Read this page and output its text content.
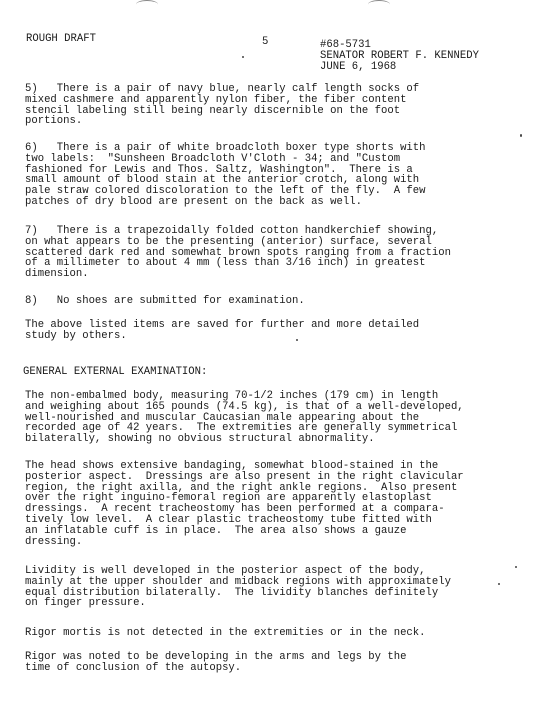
ROUGH DRAFT	5	#68-5731
SENATOR ROBERT F. KENNEDY
JUNE 6, 1968
5)   There is a pair of navy blue, nearly calf length socks of
mixed cashmere and apparently nylon fiber, the fiber content
stencil labeling still being nearly discernible on the foot
portions.
6)   There is a pair of white broadcloth boxer type shorts with
two labels:  "Sunsheen Broadcloth V'Cloth - 34; and "Custom
fashioned for Lewis and Thos. Saltz, Washington".  There is a
small amount of blood stain at the anterior crotch, along with
pale straw colored discoloration to the left of the fly.  A few
patches of dry blood are present on the back as well.
7)   There is a trapezoidally folded cotton handkerchief showing,
on what appears to be the presenting (anterior) surface, several
scattered dark red and somewhat brown spots ranging from a fraction
of a millimeter to about 4 mm (less than 3/16 inch) in greatest
dimension.
8)   No shoes are submitted for examination.
The above listed items are saved for further and more detailed
study by others.
GENERAL EXTERNAL EXAMINATION:
The non-embalmed body, measuring 70-1/2 inches (179 cm) in length
and weighing about 165 pounds (74.5 kg), is that of a well-developed,
well-nourished and muscular Caucasian male appearing about the
recorded age of 42 years.  The extremities are generally symmetrical
bilaterally, showing no obvious structural abnormality.
The head shows extensive bandaging, somewhat blood-stained in the
posterior aspect.  Dressings are also present in the right clavicular
region, the right axilla, and the right ankle regions.  Also present
over the right inguino-femoral region are apparently elastoplast
dressings.  A recent tracheostomy has been performed at a compara-
tively low level.  A clear plastic tracheostomy tube fitted with
an inflatable cuff is in place.  The area also shows a gauze
dressing.
Lividity is well developed in the posterior aspect of the body,
mainly at the upper shoulder and midback regions with approximately
equal distribution bilaterally.  The lividity blanches definitely
on finger pressure.
Rigor mortis is not detected in the extremities or in the neck.
Rigor was noted to be developing in the arms and legs by the
time of conclusion of the autopsy.
